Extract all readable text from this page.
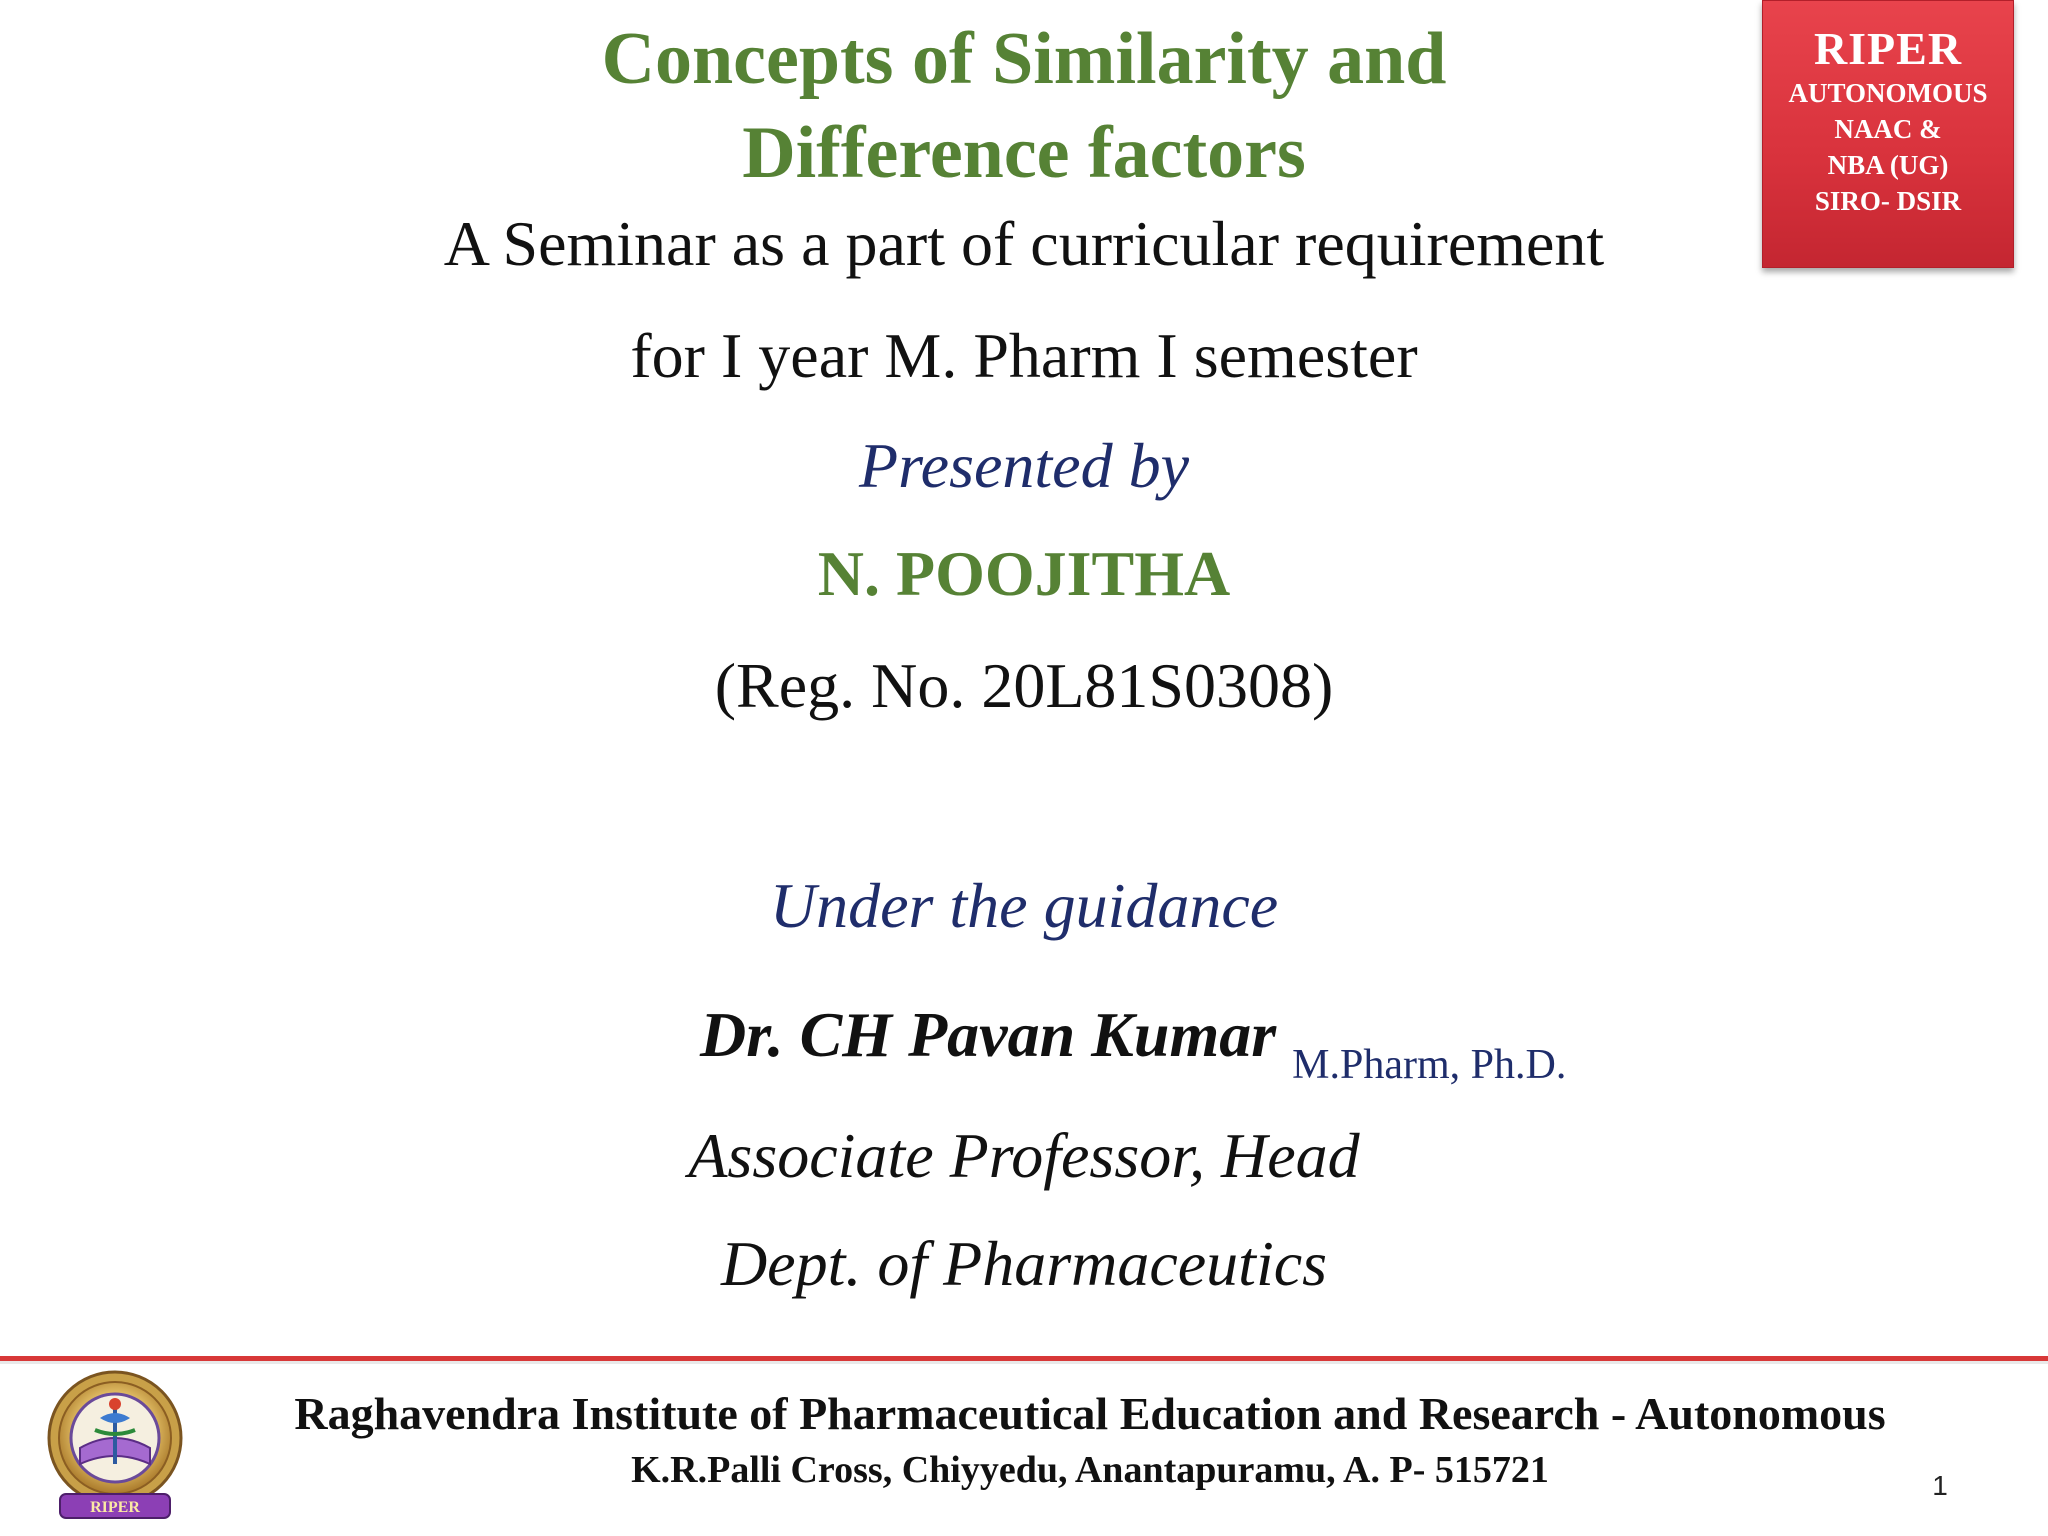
Concepts of Similarity and
Difference factors
A Seminar as a part of curricular requirement
for I year M. Pharm I semester
Presented by
N. POOJITHA
(Reg. No. 20L81S0308)
Under the guidance
Dr. CH Pavan Kumar M.Pharm, Ph.D.
Associate Professor, Head
Dept. of Pharmaceutics
RIPER
AUTONOMOUS
NAAC &
NBA (UG)
SIRO- DSIR
RIPER
Raghavendra Institute of Pharmaceutical Education and Research - Autonomous
K.R.Palli Cross, Chiyyedu, Anantapuramu, A. P- 515721	1
